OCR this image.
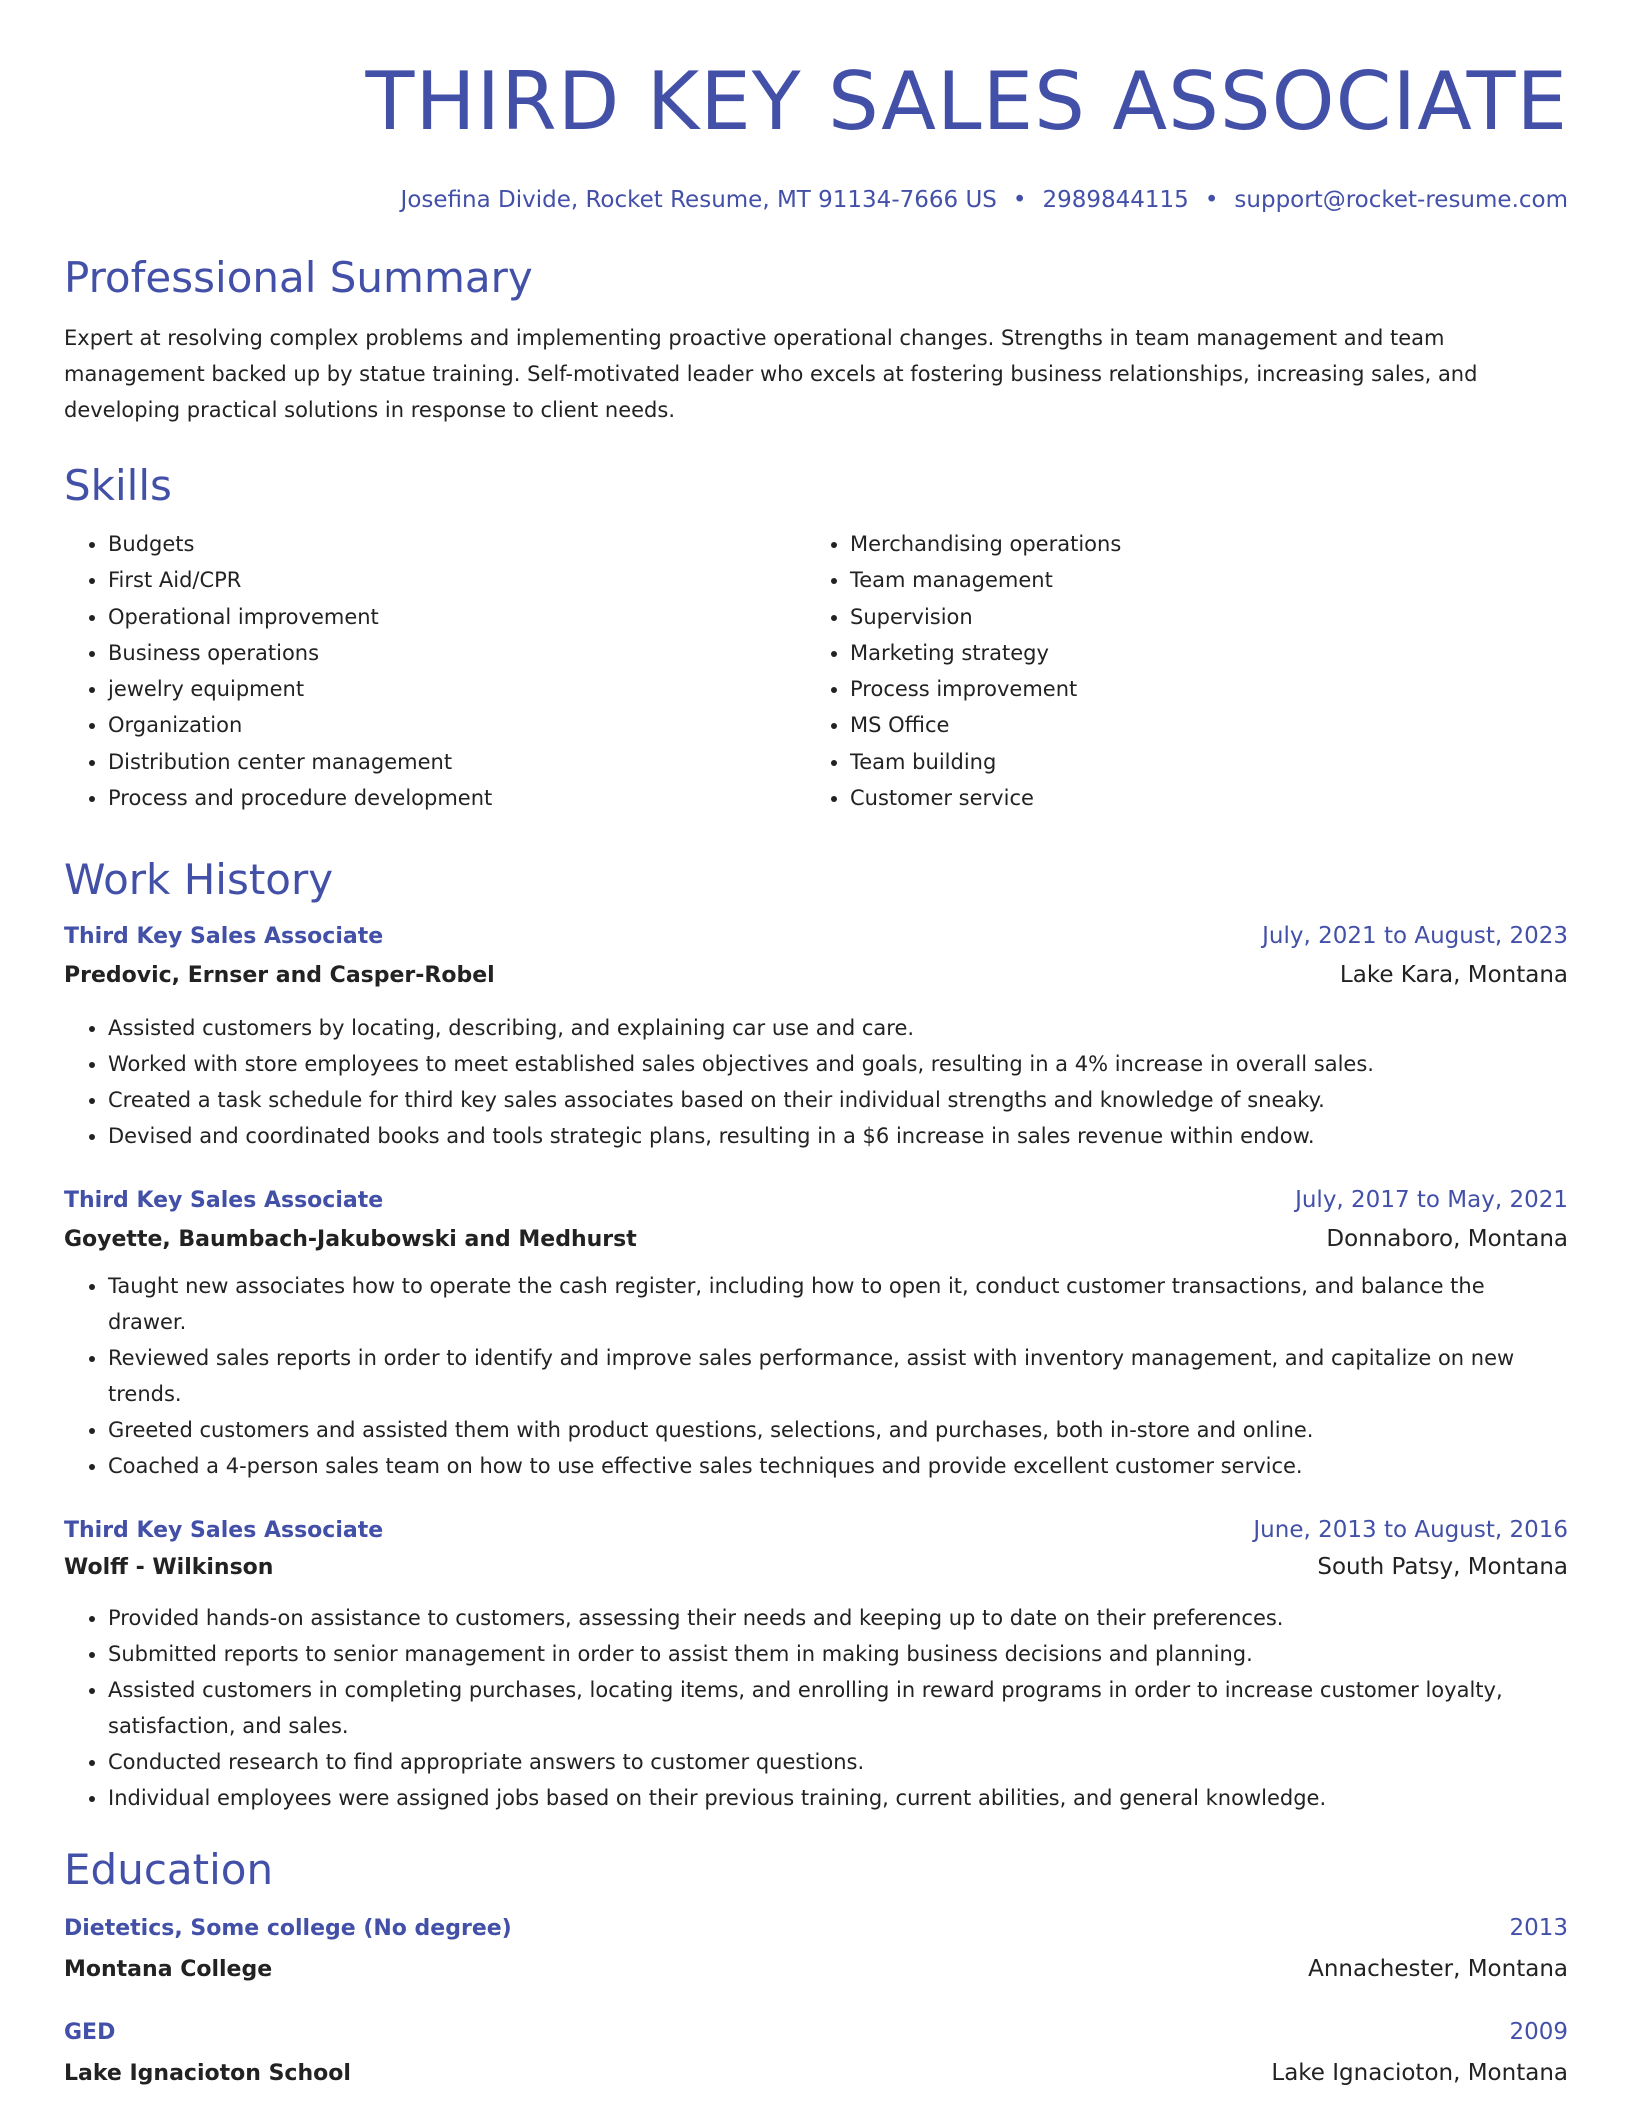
THIRD KEY SALES ASSOCIATE
Josefina Divide, Rocket Resume, MT 91134-7666 US • 2989844115 • support@rocket-resume.com
Professional Summary
Expert at resolving complex problems and implementing proactive operational changes. Strengths in team management and team management backed up by statue training. Self-motivated leader who excels at fostering business relationships, increasing sales, and developing practical solutions in response to client needs.
Skills
• Budgets
• First Aid/CPR
• Operational improvement
• Business operations
• jewelry equipment
• Organization
• Distribution center management
• Process and procedure development
• Merchandising operations
• Team management
• Supervision
• Marketing strategy
• Process improvement
• MS Office
• Team building
• Customer service
Work History
Third Key Sales Associate	July, 2021 to August, 2023
Predovic, Ernser and Casper-Robel	Lake Kara, Montana
• Assisted customers by locating, describing, and explaining car use and care.
• Worked with store employees to meet established sales objectives and goals, resulting in a 4% increase in overall sales.
• Created a task schedule for third key sales associates based on their individual strengths and knowledge of sneaky.
• Devised and coordinated books and tools strategic plans, resulting in a $6 increase in sales revenue within endow.
Third Key Sales Associate	July, 2017 to May, 2021
Goyette, Baumbach-Jakubowski and Medhurst	Donnaboro, Montana
• Taught new associates how to operate the cash register, including how to open it, conduct customer transactions, and balance the drawer.
• Reviewed sales reports in order to identify and improve sales performance, assist with inventory management, and capitalize on new trends.
• Greeted customers and assisted them with product questions, selections, and purchases, both in-store and online.
• Coached a 4-person sales team on how to use effective sales techniques and provide excellent customer service.
Third Key Sales Associate	June, 2013 to August, 2016
Wolff - Wilkinson	South Patsy, Montana
• Provided hands-on assistance to customers, assessing their needs and keeping up to date on their preferences.
• Submitted reports to senior management in order to assist them in making business decisions and planning.
• Assisted customers in completing purchases, locating items, and enrolling in reward programs in order to increase customer loyalty, satisfaction, and sales.
• Conducted research to find appropriate answers to customer questions.
• Individual employees were assigned jobs based on their previous training, current abilities, and general knowledge.
Education
Dietetics, Some college (No degree)	2013
Montana College	Annachester, Montana
GED	2009
Lake Ignacioton School	Lake Ignacioton, Montana
